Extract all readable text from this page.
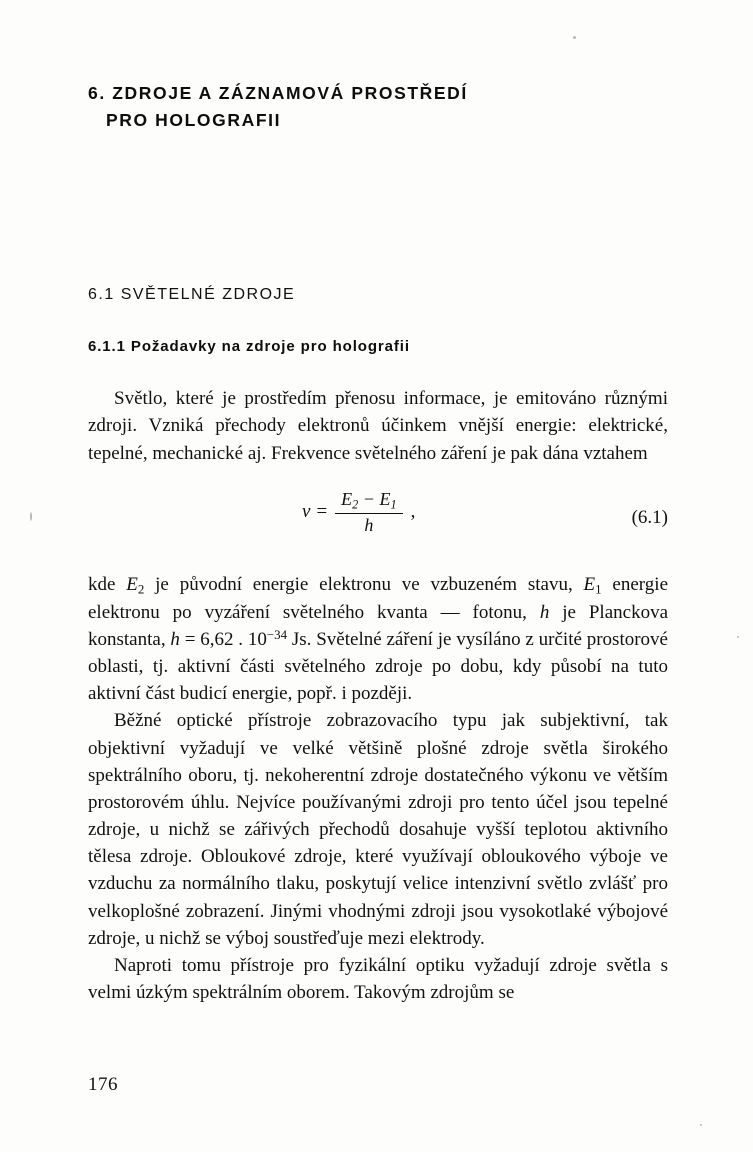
6. ZDROJE A ZÁZNAMOVÁ PROSTŘEDÍ
PRO HOLOGRAFII
6.1 SVĚTELNÉ ZDROJE
6.1.1 Požadavky na zdroje pro holografii

Světlo, které je prostředím přenosu informace, je emitováno různými zdroji. Vzniká přechody elektronů účinkem vnější energie: elektrické, tepelné, mechanické aj. Frekvence světelného záření je pak dána vztahem

$\nu = \frac{E_2 - E_1}{h}$ ,	(6.1)

kde $E_2$ je původní energie elektronu ve vzbuzeném stavu, $E_1$ energie elektronu po vyzáření světelného kvanta — fotonu, h je Planckova konstanta, h = 6,62 . $10^{-34}$ Js. Světelné záření je vysíláno z určité prostorové oblasti, tj. aktivní části světelného zdroje po dobu, kdy působí na tuto aktivní část budicí energie, popř. i později.

Běžné optické přístroje zobrazovacího typu jak subjektivní, tak objektivní vyžadují ve velké většině plošné zdroje světla širokého spektrálního oboru, tj. nekoherentní zdroje dostatečného výkonu ve větším prostorovém úhlu. Nejvíce používanými zdroji pro tento účel jsou tepelné zdroje, u nichž se zářivých přechodů dosahuje vyšší teplotou aktivního tělesa zdroje. Obloukové zdroje, které využívají obloukového výboje ve vzduchu za normálního tlaku, poskytují velice intenzivní světlo zvlášť pro velkoplošné zobrazení. Jinými vhodnými zdroji jsou vysokotlaké výbojové zdroje, u nichž se výboj soustřeďuje mezi elektrody.

Naproti tomu přístroje pro fyzikální optiku vyžadují zdroje světla s velmi úzkým spektrálním oborem. Takovým zdrojům se

176
